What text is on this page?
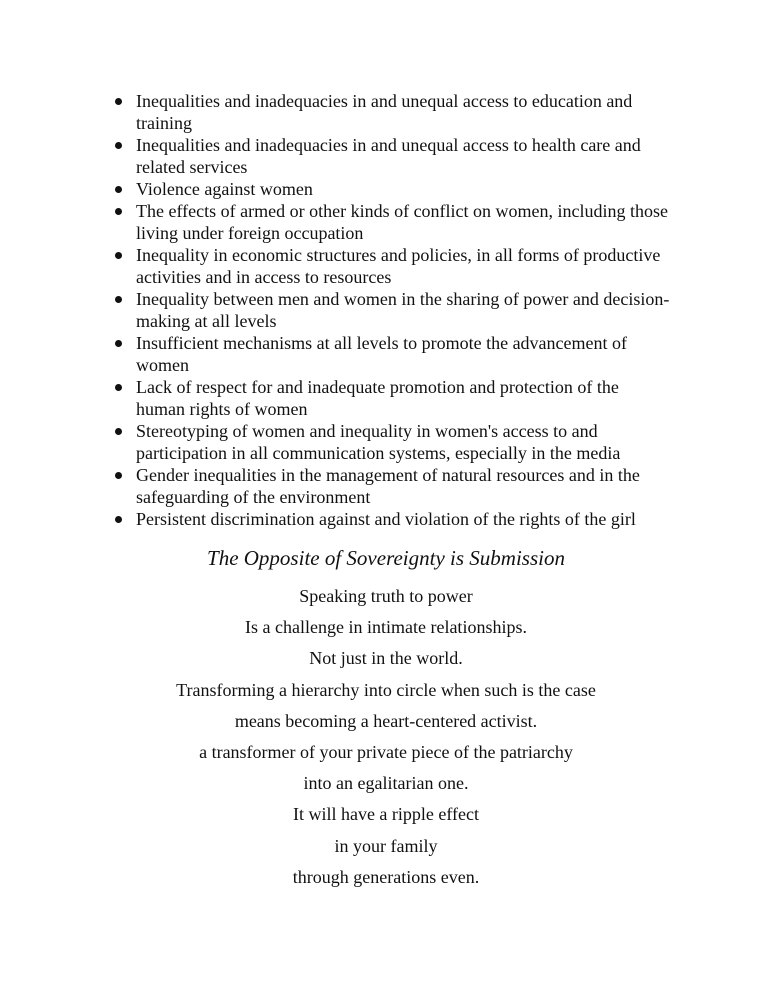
Inequalities and inadequacies in and unequal access to education and training
Inequalities and inadequacies in and unequal access to health care and related services
Violence against women
The effects of armed or other kinds of conflict on women, including those living under foreign occupation
Inequality in economic structures and policies, in all forms of productive activities and in access to resources
Inequality between men and women in the sharing of power and decision-making at all levels
Insufficient mechanisms at all levels to promote the advancement of women
Lack of respect for and inadequate promotion and protection of the human rights of women
Stereotyping of women and inequality in women's access to and participation in all communication systems, especially in the media
Gender inequalities in the management of natural resources and in the safeguarding of the environment
Persistent discrimination against and violation of the rights of the girl
The Opposite of Sovereignty is Submission
Speaking truth to power
Is a challenge in intimate relationships.
Not just in the world.
Transforming a hierarchy into circle when such is the case
means becoming a heart-centered activist.
a transformer of your private piece of the patriarchy
into an egalitarian one.
It will have a ripple effect
in your family
through generations even.
